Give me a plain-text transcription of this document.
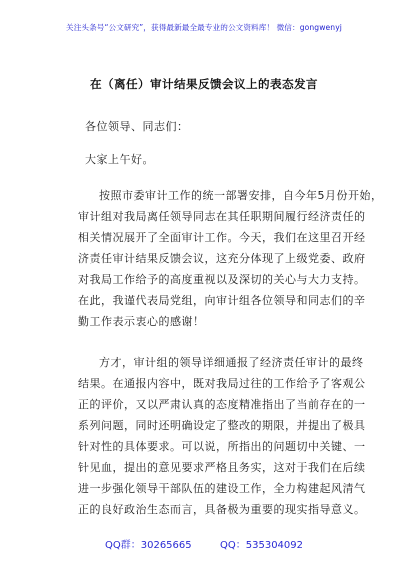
关注头条号“公文研究”，获得最新最全最专业的公文资料库！ 微信：gongwenyj
在（离任）审计结果反馈会议上的表态发言
各位领导、同志们：
大家上午好。
按照市委审计工作的统一部署安排，自今年5月份开始，
审计组对我局离任领导同志在其任职期间履行经济责任的
相关情况展开了全面审计工作。今天，我们在这里召开经
济责任审计结果反馈会议，这充分体现了上级党委、政府
对我局工作给予的高度重视以及深切的关心与大力支持。
在此，我谨代表局党组，向审计组各位领导和同志们的辛
勤工作表示衷心的感谢！
方才，审计组的领导详细通报了经济责任审计的最终
结果。在通报内容中，既对我局过往的工作给予了客观公
正的评价，又以严肃认真的态度精准指出了当前存在的一
系列问题，同时还明确设定了整改的期限，并提出了极具
针对性的具体要求。可以说，所指出的问题切中关键、一
针见血，提出的意见要求严格且务实，这对于我们在后续
进一步强化领导干部队伍的建设工作，全力构建起风清气
正的良好政治生态而言，具备极为重要的现实指导意义。
QQ群：30265665	QQ：535304092
